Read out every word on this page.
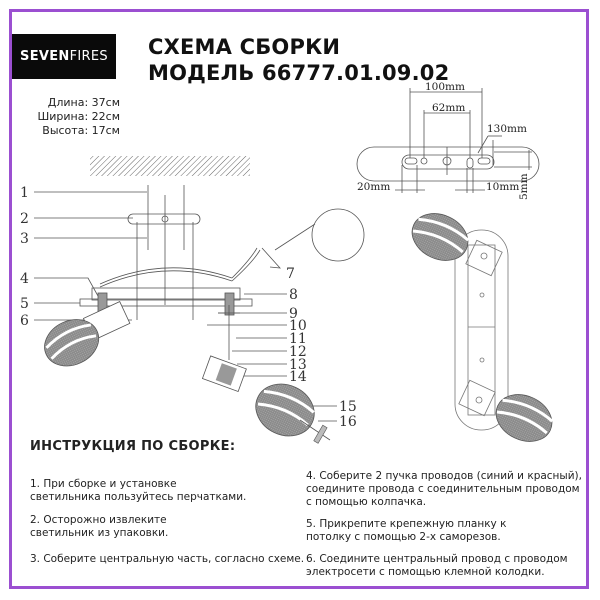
SEVEN FIRES СХЕМА СБОРКИ
МОДЕЛЬ 66777.01.09.02
Длина: 37см
Ширина: 22см
Высота: 17см
100mm
62mm
130mm
20mm	10mm
5mm
1
2
3
4
5
6
7
8
9
10
11
12
13
14
15
16
ИНСТРУКЦИЯ ПО СБОРКЕ:
1. При сборке и установке
светильника пользуйтесь перчатками.
2. Осторожно извлеките
светильник из упаковки.
3. Соберите центральную часть, согласно схеме.
4. Соберите 2 пучка проводов (синий и красный),
соедините провода с соединительным проводом
с помощью колпачка.
5. Прикрепите крепежную планку к
потолку с помощью 2-х саморезов.
6. Соедините центральный провод с проводом
электросети с помощью клемной колодки.
